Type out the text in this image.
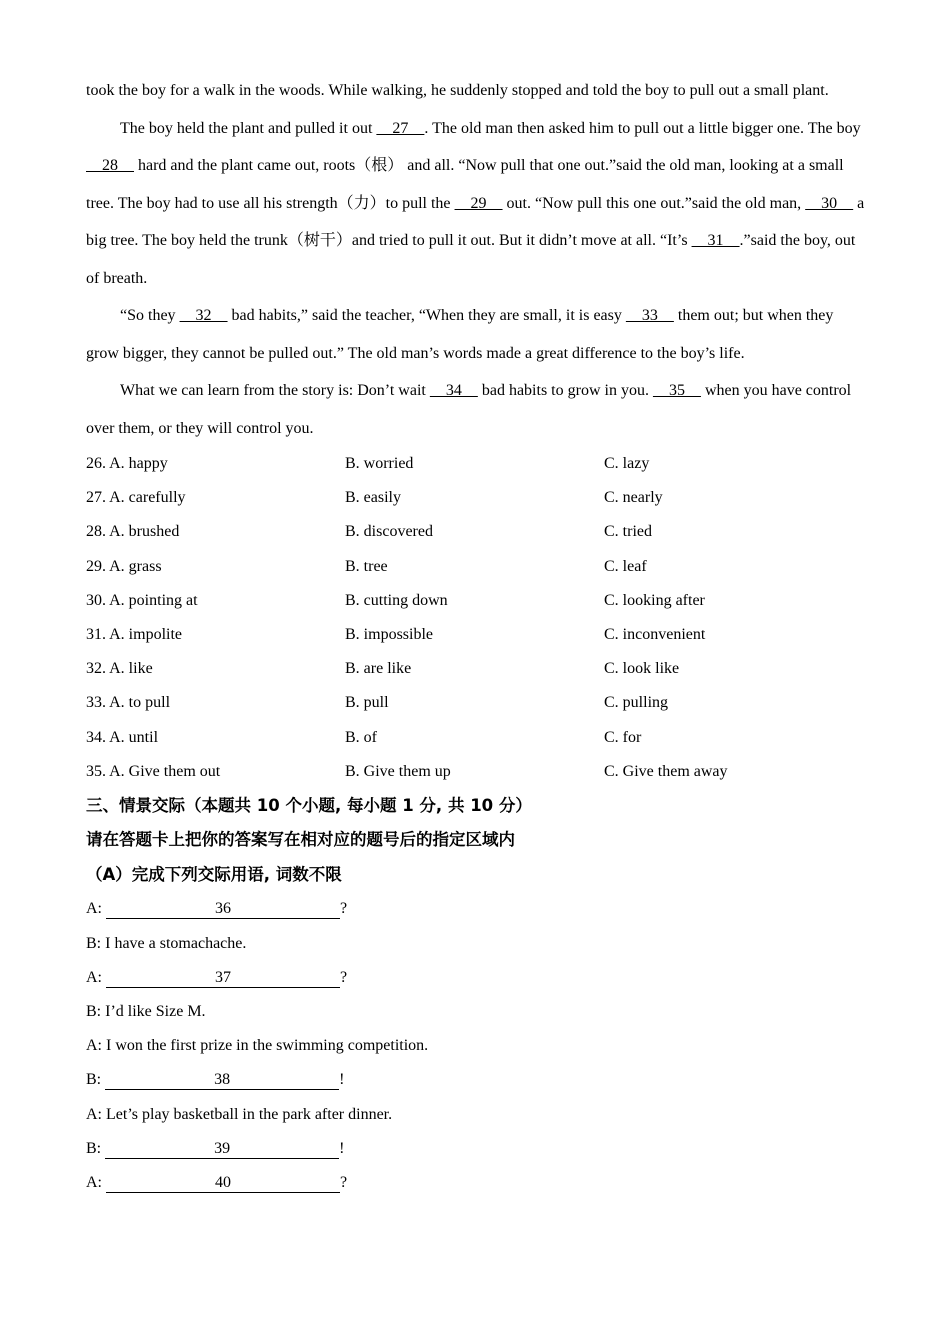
took the boy for a walk in the woods. While walking, he suddenly stopped and told the boy to pull out a small plant.

The boy held the plant and pulled it out     27    . The old man then asked him to pull out a little bigger one. The boy     28     hard and the plant came out, roots（根） and all. “Now pull that one out.”said the old man, looking at a small tree. The boy had to use all his strength（力）to pull the     29     out. “Now pull this one out.”said the old man,     30     a big tree. The boy held the trunk（树干）and tried to pull it out. But it didn’t move at all. “It’s     31    .”said the boy, out of breath.

“So they     32     bad habits,” said the teacher, “When they are small, it is easy     33     them out; but when they grow bigger, they cannot be pulled out.” The old man’s words made a great difference to the boy’s life.

What we can learn from the story is: Don’t wait     34     bad habits to grow in you.     35     when you have control over them, or they will control you.

26. A. happy	B. worried	C. lazy
27. A. carefully	B. easily	C. nearly
28. A. brushed	B. discovered	C. tried
29. A. grass	B. tree	C. leaf
30. A. pointing at	B. cutting down	C. looking after
31. A. impolite	B. impossible	C. inconvenient
32. A. like	B. are like	C. look like
33. A. to pull	B. pull	C. pulling
34. A. until	B. of	C. for
35. A. Give them out	B. Give them up	C. Give them away
三、情景交际（本题共 10 个小题, 每小题 1 分, 共 10 分）
请在答题卡上把你的答案写在相对应的题号后的指定区域内
（A）完成下列交际用语, 词数不限
A:	36	?
B: I have a stomachache.
A:	37	?
B: I’d like Size M.
A: I won the first prize in the swimming competition.
B:	38	!
A: Let’s play basketball in the park after dinner.
B:	39	!
A:	40	?
